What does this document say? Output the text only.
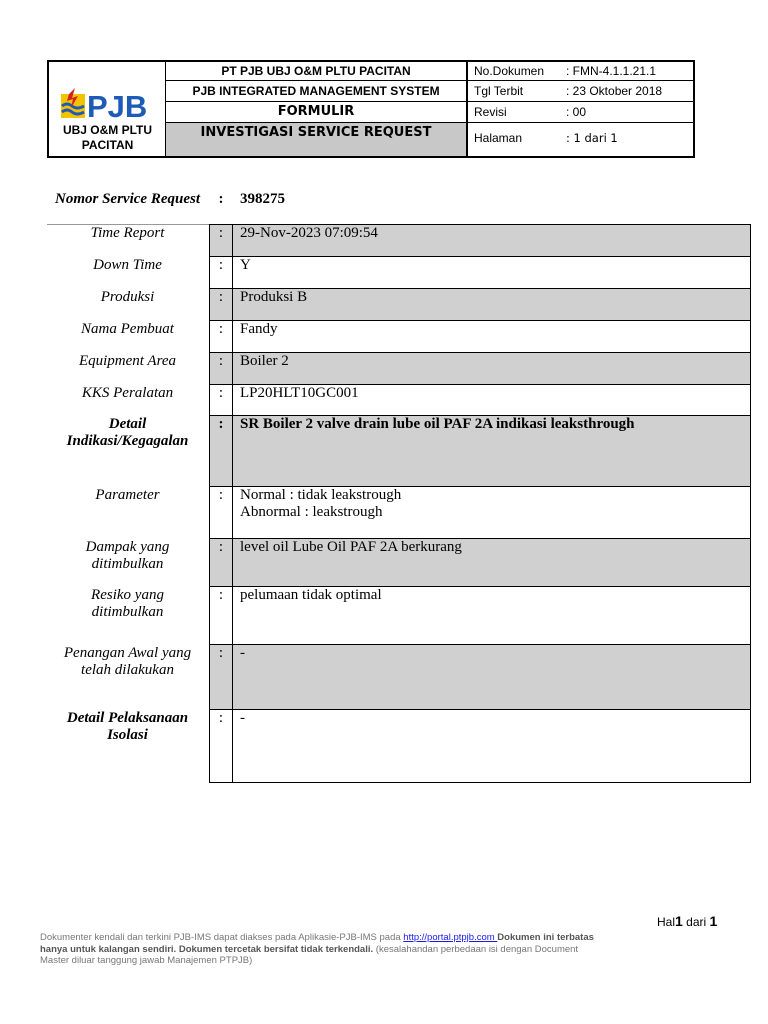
PJB
UBJ O&M PLTU PACITAN
PT PJB UBJ O&M PLTU PACITAN
PJB INTEGRATED MANAGEMENT SYSTEM
FORMULIR
INVESTIGASI SERVICE REQUEST
No.Dokumen : FMN-4.1.1.21.1
Tgl Terbit	: 23 Oktober 2018
Revisi	: 00
Halaman	: 1 dari 1
Nomor Service Request	:	398275
Time Report	:	29-Nov-2023 07:09:54
Down Time	:	Y
Produksi	:	Produksi B
Nama Pembuat	:	Fandy
Equipment Area	:	Boiler 2
KKS Peralatan	:	LP20HLT10GC001
Detail Indikasi/Kegagalan
:	SR Boiler 2 valve drain lube oil PAF 2A indikasi leaksthrough
Parameter	:	Normal : tidak leakstrough
Abnormal : leakstrough
Dampak yang ditimbulkan
:	level oil Lube Oil PAF 2A berkurang
Resiko yang ditimbulkan
:	pelumaan tidak optimal
Penangan Awal yang telah dilakukan
:	-
Detail Pelaksanaan Isolasi
:	-
Hal1 dari 1
Dokumenter kendali dan terkini PJB-IMS dapat diakses pada Aplikasie-PJB-IMS pada http://portal.ptpjb.com Dokumen ini terbatas hanya untuk kalangan sendiri. Dokumen tercetak bersifat tidak terkendali. (kesalahandan perbedaan isi dengan Document Master diluar tanggung jawab Manajemen PTPJB)
